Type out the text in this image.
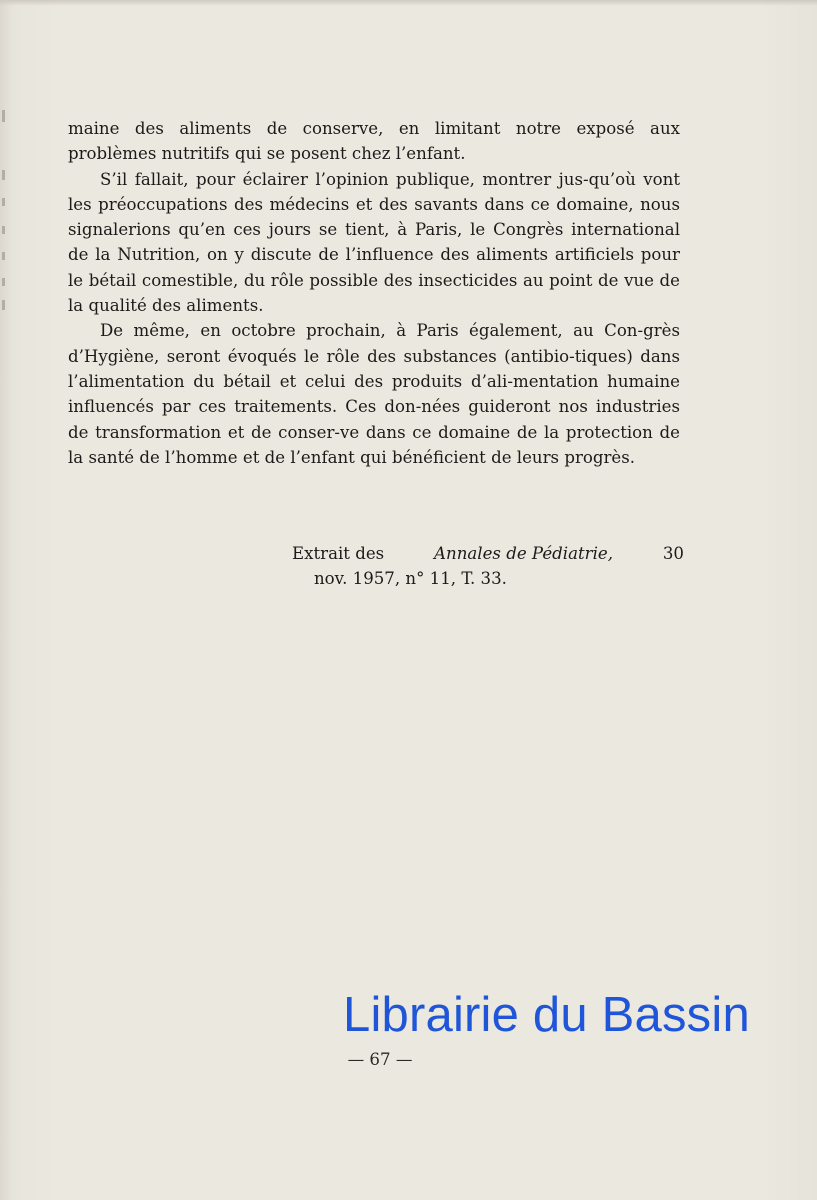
maine des aliments de conserve, en limitant notre exposé aux problèmes nutritifs qui se posent chez l’enfant.

S’il fallait, pour éclairer l’opinion publique, montrer jus-qu’où vont les préoccupations des médecins et des savants dans ce domaine, nous signalerions qu’en ces jours se tient, à Paris, le Congrès international de la Nutrition, on y discute de l’influence des aliments artificiels pour le bétail comestible, du rôle possible des insecticides au point de vue de la qualité des aliments.

De même, en octobre prochain, à Paris également, au Con-grès d’Hygiène, seront évoqués le rôle des substances (antibio-tiques) dans l’alimentation du bétail et celui des produits d’ali-mentation humaine influencés par ces traitements. Ces don-nées guideront nos industries de transformation et de conser-ve dans ce domaine de la protection de la santé de l’homme et de l’enfant qui bénéficient de leurs progrès.

Extrait des	Annales de Pédiatrie,	30
nov. 1957, n° 11, T. 33.
Librairie du Bassin
— 67 —
